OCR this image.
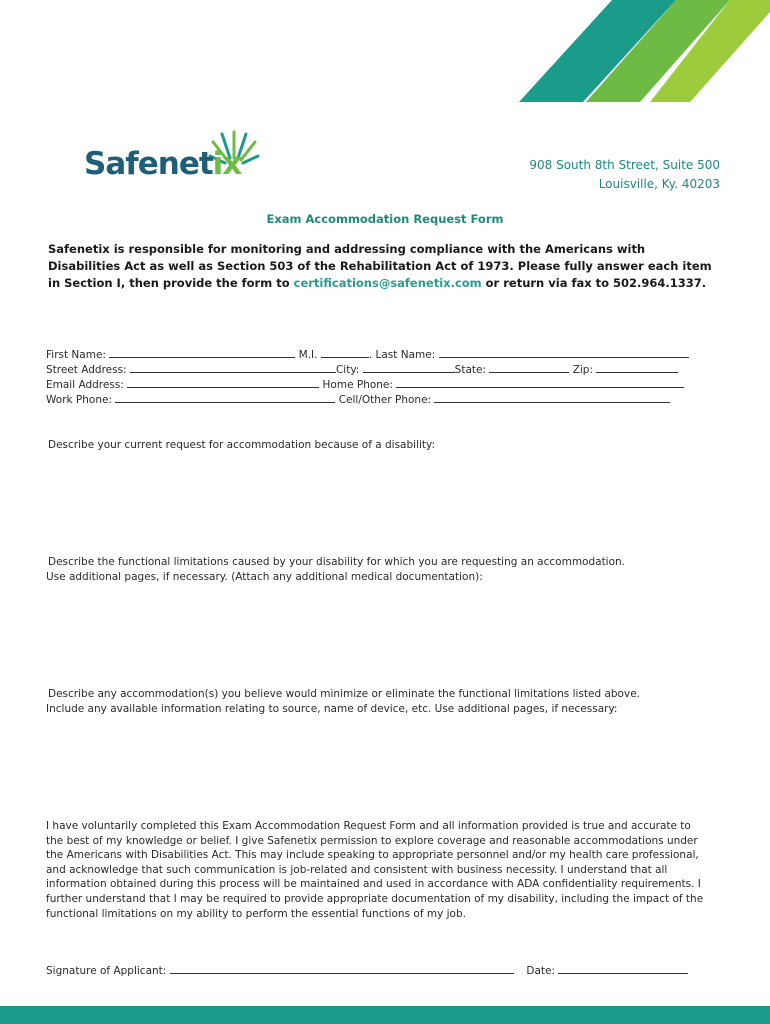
Safenetix	908 South 8th Street, Suite 500
Louisville, Ky. 40203
Exam Accommodation Request Form
Safenetix is responsible for monitoring and addressing compliance with the Americans with Disabilities Act as well as Section 503 of the Rehabilitation Act of 1973. Please fully answer each item in Section I, then provide the form to certifications@safenetix.com or return via fax to 502.964.1337.
First Name:	M.I.	. Last Name:
Street Address:	City:	State:	Zip:
Email Address:	Home Phone:
Work Phone:	Cell/Other Phone:
Describe your current request for accommodation because of a disability:
Describe the functional limitations caused by your disability for which you are requesting an accommodation.
Use additional pages, if necessary. (Attach any additional medical documentation):
Describe any accommodation(s) you believe would minimize or eliminate the functional limitations listed above.
Include any available information relating to source, name of device, etc. Use additional pages, if necessary:
I have voluntarily completed this Exam Accommodation Request Form and all information provided is true and accurate to the best of my knowledge or belief. I give Safenetix permission to explore coverage and reasonable accommodations under the Americans with Disabilities Act. This may include speaking to appropriate personnel and/or my health care professional, and acknowledge that such communication is job-related and consistent with business necessity. I understand that all information obtained during this process will be maintained and used in accordance with ADA confidentiality requirements. I further understand that I may be required to provide appropriate documentation of my disability, including the impact of the functional limitations on my ability to perform the essential functions of my job.
Signature of Applicant:	Date:
